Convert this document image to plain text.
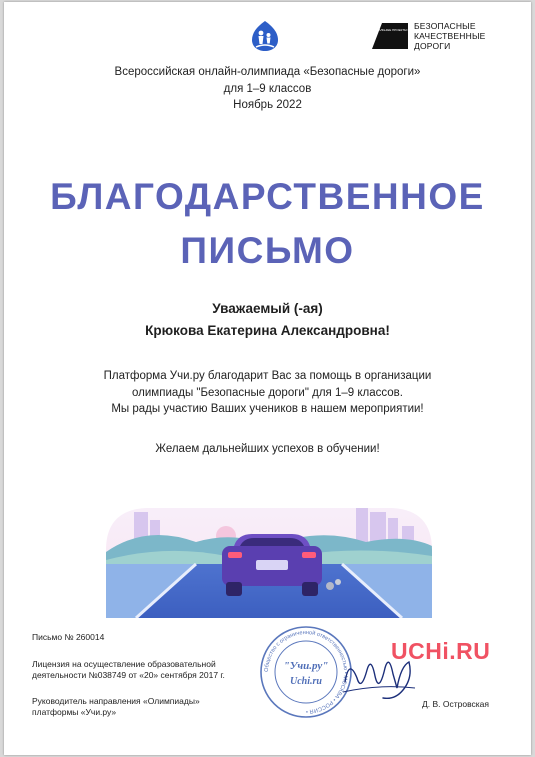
НАЦИОНАЛЬНЫЕ ПРОЕКТЫ РОССИИ
БЕЗОПАСНЫЕ
КАЧЕСТВЕННЫЕ ДОРОГИ
Всероссийская онлайн-олимпиада «Безопасные дороги»
для 1–9 классов
Ноябрь 2022
БЛАГОДАРСТВЕННОЕ
ПИСЬМО
Уважаемый (-ая)
Крюкова Екатерина Александровна!
Платформа Учи.ру благодарит Вас за помощь в организации
олимпиады "Безопасные дороги" для 1–9 классов.
Мы рады участию Ваших учеников в нашем мероприятии!
Желаем дальнейших успехов в обучении!
Письмо № 260014
Лицензия на осуществление образовательной
деятельности №038749 от «20» сентября 2017 г.
Руководитель направления «Олимпиады»
платформы «Учи.ру»
Д. В. Островская
UCHi.RU
Общество с ограниченной ответственностью • МОСКВА • РОССИЯ •
"Учи.ру"
Uchi.ru
